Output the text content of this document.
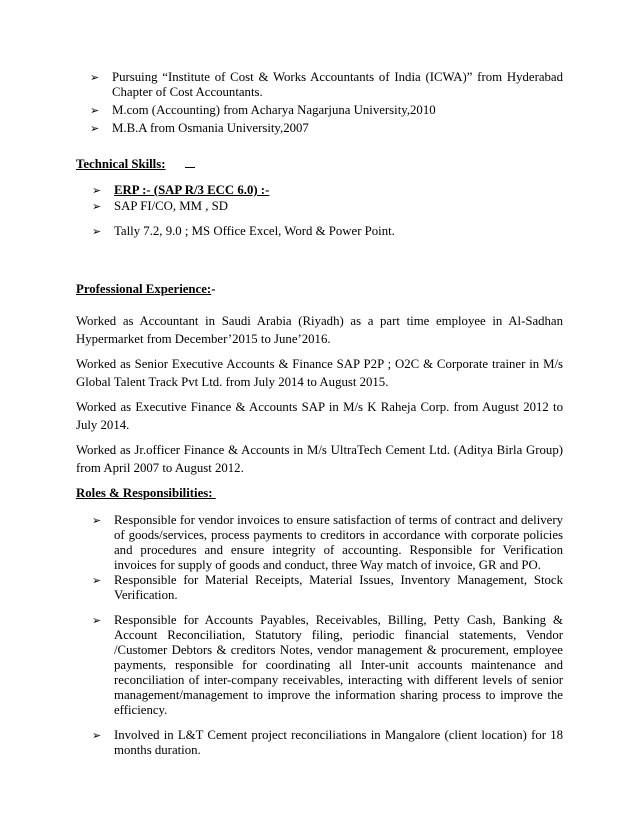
➢ Pursuing “Institute of Cost & Works Accountants of India (ICWA)” from Hyderabad Chapter of Cost Accountants.
➢ M.com (Accounting) from Acharya Nagarjuna University,2010
➢ M.B.A from Osmania University,2007
Technical Skills:
➢ ERP :- (SAP R/3 ECC 6.0) :-
➢ SAP FI/CO, MM , SD
➢ Tally 7.2, 9.0 ; MS Office Excel, Word & Power Point.
Professional Experience:-
Worked as Accountant in Saudi Arabia (Riyadh) as a part time employee in Al-Sadhan Hypermarket from December’2015 to June’2016.
Worked as Senior Executive Accounts & Finance SAP P2P ; O2C & Corporate trainer in M/s Global Talent Track Pvt Ltd. from July 2014 to August 2015.
Worked as Executive Finance & Accounts SAP in M/s K Raheja Corp. from August 2012 to July 2014.
Worked as Jr.officer Finance & Accounts in M/s UltraTech Cement Ltd. (Aditya Birla Group) from April 2007 to August 2012.
Roles & Responsibilities:
➢ Responsible for vendor invoices to ensure satisfaction of terms of contract and delivery of goods/services, process payments to creditors in accordance with corporate policies and procedures and ensure integrity of accounting. Responsible for Verification invoices for supply of goods and conduct, three Way match of invoice, GR and PO.
➢ Responsible for Material Receipts, Material Issues, Inventory Management, Stock Verification.
➢ Responsible for Accounts Payables, Receivables, Billing, Petty Cash, Banking & Account Reconciliation, Statutory filing, periodic financial statements, Vendor /Customer Debtors & creditors Notes, vendor management & procurement, employee payments, responsible for coordinating all Inter-unit accounts maintenance and reconciliation of inter-company receivables, interacting with different levels of senior management/management to improve the information sharing process to improve the efficiency.
➢ Involved in L&T Cement project reconciliations in Mangalore (client location) for 18 months duration.
